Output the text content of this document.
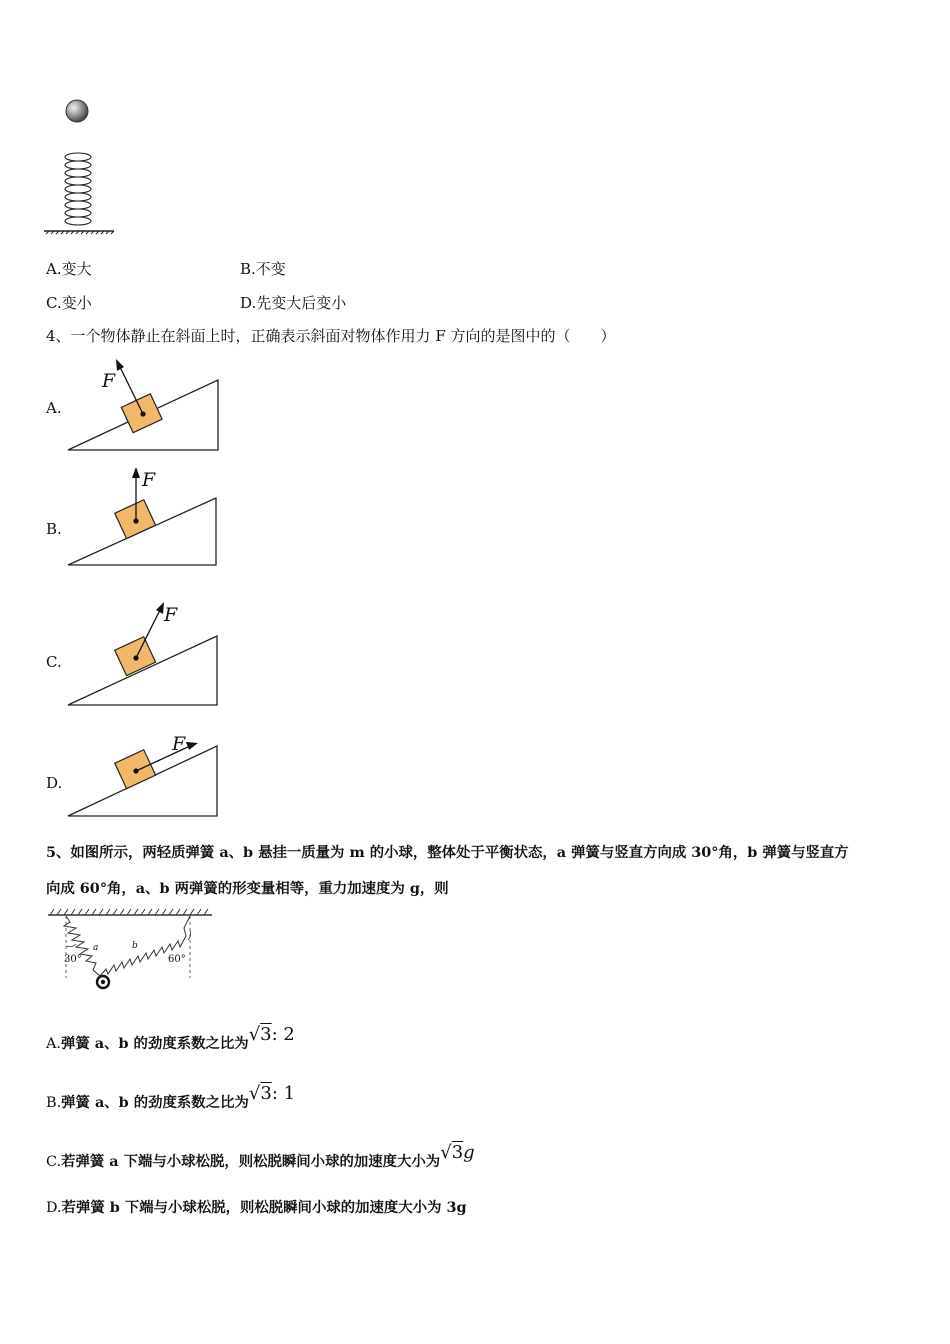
A.变大	B.不变
C.变小	D.先变大后变小
4、一个物体静止在斜面上时，正确表示斜面对物体作用力 F 方向的是图中的（　　）
A.
F
B.
F
C.
F
D.
F
5、如图所示，两轻质弹簧 a、b 悬挂一质量为 m 的小球，整体处于平衡状态，a 弹簧与竖直方向成 30°角，b 弹簧与竖直方
向成 60°角，a、b 两弹簧的形变量相等，重力加速度为 g，则
a	b
30°	60°
A.弹簧 a、b 的劲度系数之比为√3: 2
B.弹簧 a、b 的劲度系数之比为√3: 1
C.若弹簧 a 下端与小球松脱，则松脱瞬间小球的加速度大小为√3g
D.若弹簧 b 下端与小球松脱，则松脱瞬间小球的加速度大小为 3g
